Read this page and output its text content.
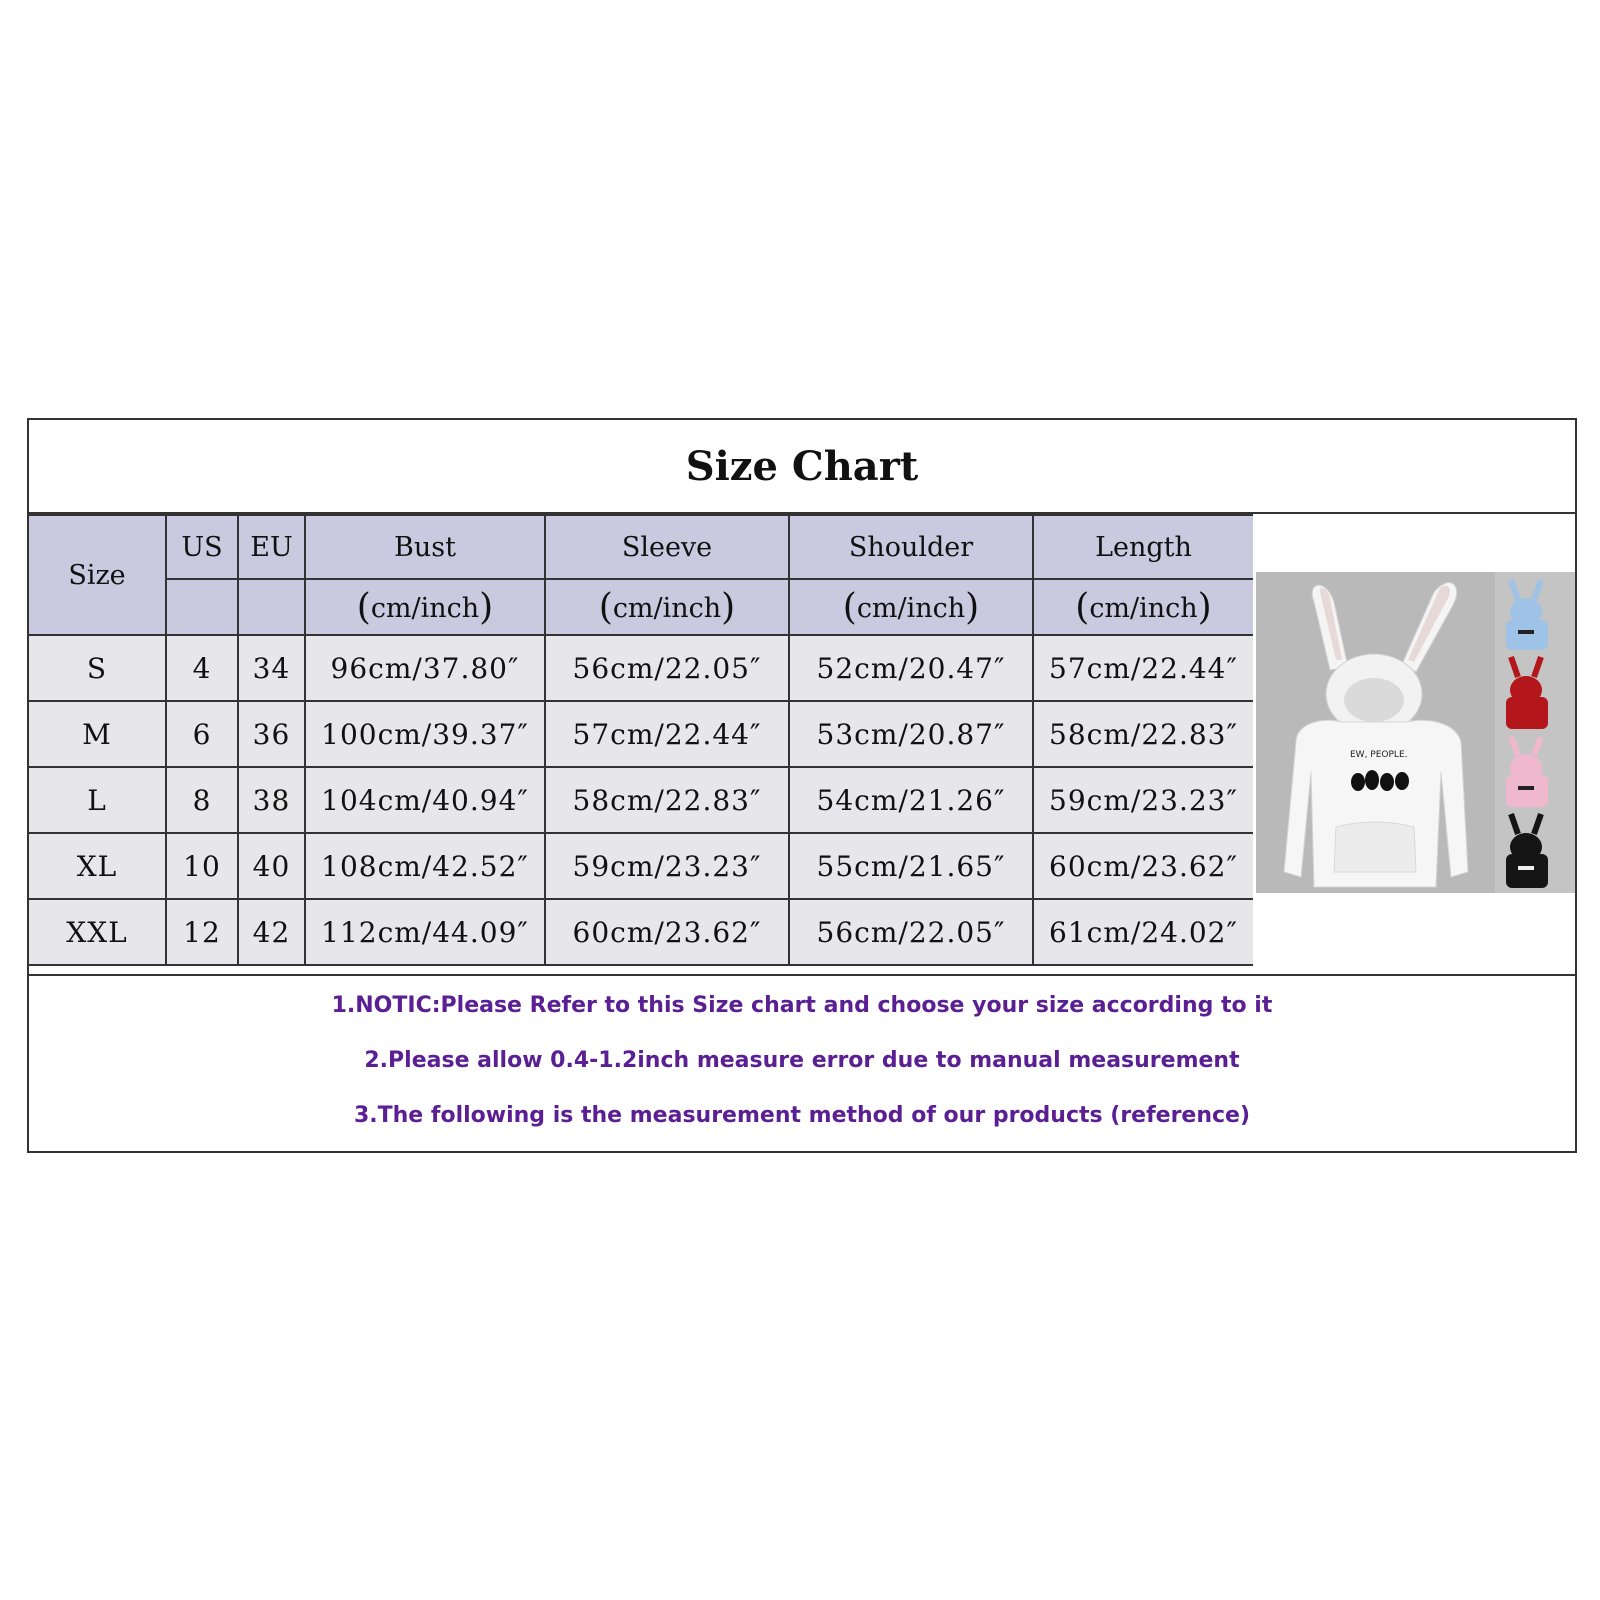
Size Chart
Size	US	EU	Bust	Sleeve	Shoulder	Length
			(cm/inch)	(cm/inch)	(cm/inch)	(cm/inch)
S	4	34	96cm/37.80″	56cm/22.05″	52cm/20.47″	57cm/22.44″
M	6	36	100cm/39.37″	57cm/22.44″	53cm/20.87″	58cm/22.83″
L	8	38	104cm/40.94″	58cm/22.83″	54cm/21.26″	59cm/23.23″
XL	10	40	108cm/42.52″	59cm/23.23″	55cm/21.65″	60cm/23.62″
XXL	12	42	112cm/44.09″	60cm/23.62″	56cm/22.05″	61cm/24.02″
EW, PEOPLE.
1.NOTIC:Please Refer to this Size chart and choose your size according to it
2.Please allow 0.4-1.2inch measure error due to manual measurement
3.The following is the measurement method of our products (reference)
